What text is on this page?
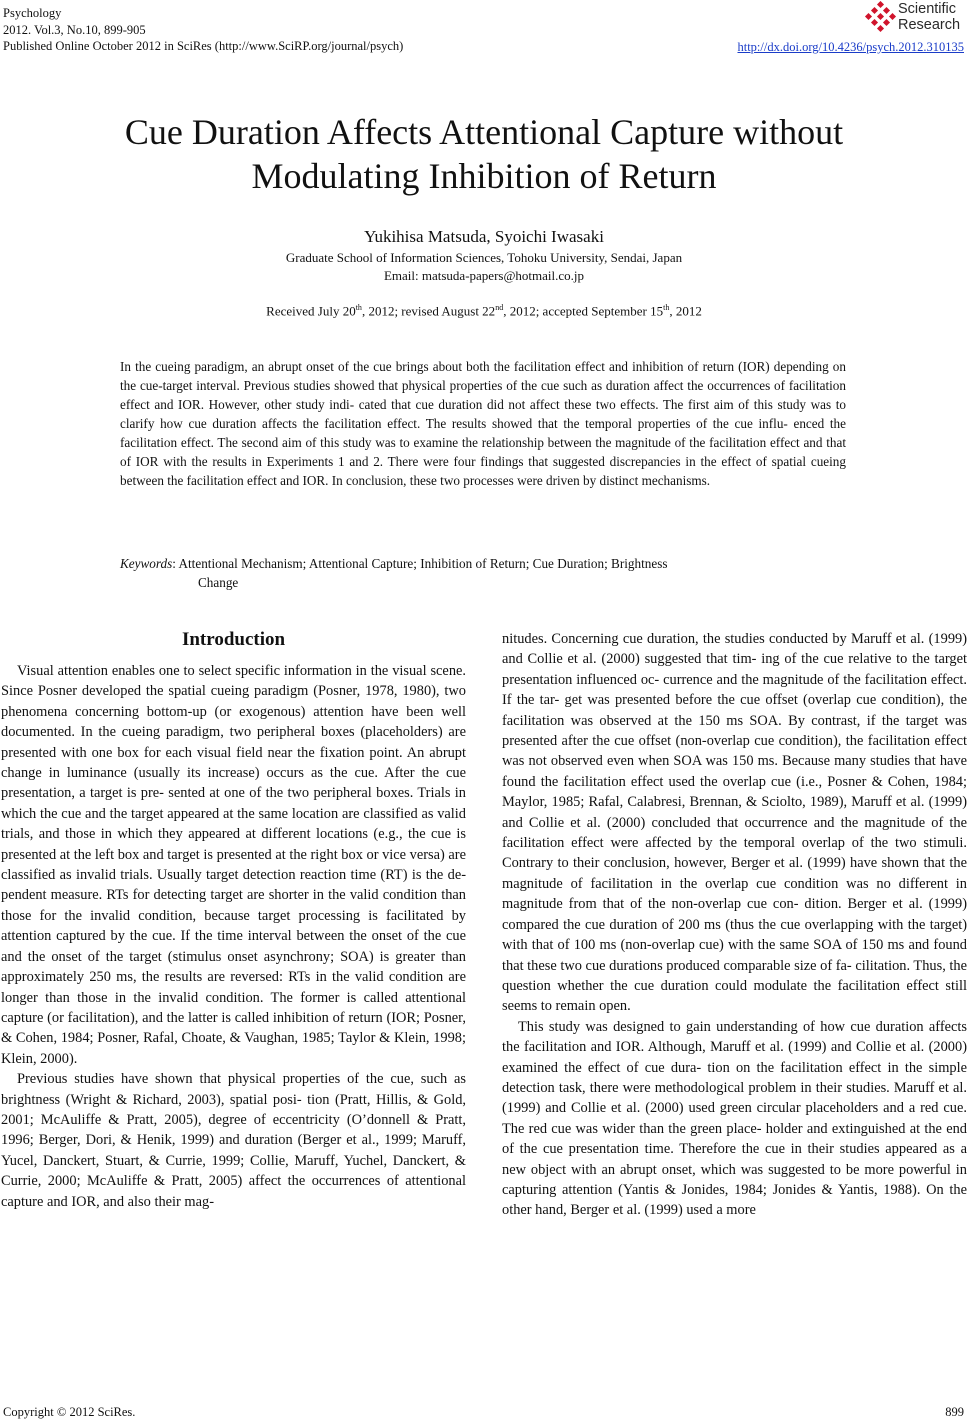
Psychology
2012. Vol.3, No.10, 899-905
Published Online October 2012 in SciRes (http://www.SciRP.org/journal/psych)
Scientific
Research
http://dx.doi.org/10.4236/psych.2012.310135
Cue Duration Affects Attentional Capture without
Modulating Inhibition of Return
Yukihisa Matsuda, Syoichi Iwasaki
Graduate School of Information Sciences, Tohoku University, Sendai, Japan
Email: matsuda-papers@hotmail.co.jp
Received July 20th, 2012; revised August 22nd, 2012; accepted September 15th, 2012
In the cueing paradigm, an abrupt onset of the cue brings about both the facilitation effect and inhibition of return (IOR) depending on the cue-target interval. Previous studies showed that physical properties of the cue such as duration affect the occurrences of facilitation effect and IOR. However, other study indi- cated that cue duration did not affect these two effects. The first aim of this study was to clarify how cue duration affects the facilitation effect. The results showed that the temporal properties of the cue influ- enced the facilitation effect. The second aim of this study was to examine the relationship between the magnitude of the facilitation effect and that of IOR with the results in Experiments 1 and 2. There were four findings that suggested discrepancies in the effect of spatial cueing between the facilitation effect and IOR. In conclusion, these two processes were driven by distinct mechanisms.
Keywords: Attentional Mechanism; Attentional Capture; Inhibition of Return; Cue Duration; Brightness
Change
Introduction

Visual attention enables one to select specific information in the visual scene. Since Posner developed the spatial cueing paradigm (Posner, 1978, 1980), two phenomena concerning bottom-up (or exogenous) attention have been well documented. In the cueing paradigm, two peripheral boxes (placeholders) are presented with one box for each visual field near the fixation point. An abrupt change in luminance (usually its increase) occurs as the cue. After the cue presentation, a target is pre- sented at one of the two peripheral boxes. Trials in which the cue and the target appeared at the same location are classified as valid trials, and those in which they appeared at different locations (e.g., the cue is presented at the left box and target is presented at the right box or vice versa) are classified as invalid trials. Usually target detection reaction time (RT) is the de- pendent measure. RTs for detecting target are shorter in the valid condition than those for the invalid condition, because target processing is facilitated by attention captured by the cue. If the time interval between the onset of the cue and the onset of the target (stimulus onset asynchrony; SOA) is greater than approximately 250 ms, the results are reversed: RTs in the valid condition are longer than those in the invalid condition. The former is called attentional capture (or facilitation), and the latter is called inhibition of return (IOR; Posner, & Cohen, 1984; Posner, Rafal, Choate, & Vaughan, 1985; Taylor & Klein, 1998; Klein, 2000).

Previous studies have shown that physical properties of the cue, such as brightness (Wright & Richard, 2003), spatial posi- tion (Pratt, Hillis, & Gold, 2001; McAuliffe & Pratt, 2005), degree of eccentricity (O’donnell & Pratt, 1996; Berger, Dori, & Henik, 1999) and duration (Berger et al., 1999; Maruff, Yucel, Danckert, Stuart, & Currie, 1999; Collie, Maruff, Yuchel, Danckert, & Currie, 2000; McAuliffe & Pratt, 2005) affect the occurrences of attentional capture and IOR, and also their mag-

nitudes. Concerning cue duration, the studies conducted by Maruff et al. (1999) and Collie et al. (2000) suggested that tim- ing of the cue relative to the target presentation influenced oc- currence and the magnitude of the facilitation effect. If the tar- get was presented before the cue offset (overlap cue condition), the facilitation was observed at the 150 ms SOA. By contrast, if the target was presented after the cue offset (non-overlap cue condition), the facilitation effect was not observed even when SOA was 150 ms. Because many studies that have found the facilitation effect used the overlap cue (i.e., Posner & Cohen, 1984; Maylor, 1985; Rafal, Calabresi, Brennan, & Sciolto, 1989), Maruff et al. (1999) and Collie et al. (2000) concluded that occurrence and the magnitude of the facilitation effect were affected by the temporal overlap of the two stimuli. Contrary to their conclusion, however, Berger et al. (1999) have shown that the magnitude of facilitation in the overlap cue condition was no different in magnitude from that of the non-overlap cue con- dition. Berger et al. (1999) compared the cue duration of 200 ms (thus the cue overlapping with the target) with that of 100 ms (non-overlap cue) with the same SOA of 150 ms and found that these two cue durations produced comparable size of fa- cilitation. Thus, the question whether the cue duration could modulate the facilitation effect still seems to remain open.

This study was designed to gain understanding of how cue duration affects the facilitation and IOR. Although, Maruff et al. (1999) and Collie et al. (2000) examined the effect of cue dura- tion on the facilitation effect in the simple detection task, there were methodological problem in their studies. Maruff et al. (1999) and Collie et al. (2000) used green circular placeholders and a red cue. The red cue was wider than the green place- holder and extinguished at the end of the cue presentation time. Therefore the cue in their studies appeared as a new object with an abrupt onset, which was suggested to be more powerful in capturing attention (Yantis & Jonides, 1984; Jonides & Yantis, 1988). On the other hand, Berger et al. (1999) used a more

Copyright © 2012 SciRes.	899
